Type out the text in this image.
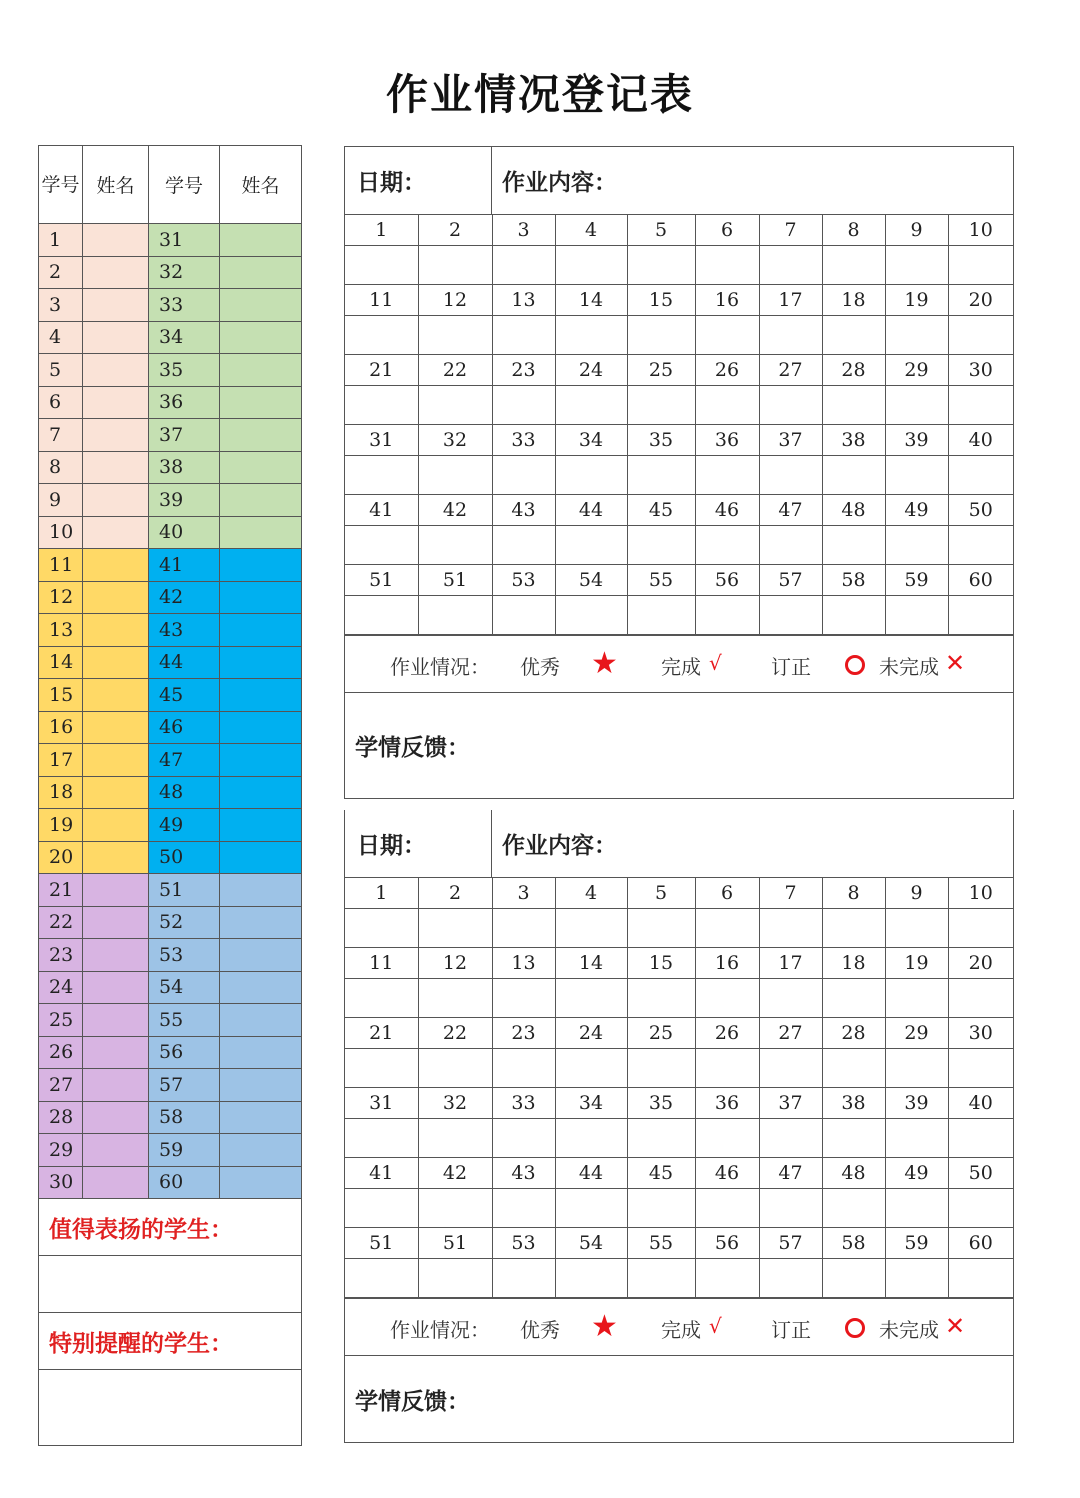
作业情况登记表
学号	姓名	学号	姓名
1		31	
2		32	
3		33	
4		34	
5		35	
6		36	
7		37	
8		38	
9		39	
10		40	
11		41	
12		42	
13		43	
14		44	
15		45	
16		46	
17		47	
18		48	
19		49	
20		50	
21		51	
22		52	
23		53	
24		54	
25		55	
26		56	
27		57	
28		58	
29		59	
30		60	
值得表扬的学生：			

特别提醒的学生：			

日期：	作业内容：
1	2	3	4	5	6	7	8	9	10

11	12	13	14	15	16	17	18	19	20

21	22	23	24	25	26	27	28	29	30

31	32	33	34	35	36	37	38	39	40

41	42	43	44	45	46	47	48	49	50

51	51	53	54	55	56	57	58	59	60

作业情况： 优秀 ★ 完成 √ 订正	未完成 ✕
学情反馈：
日期：	作业内容：
1	2	3	4	5	6	7	8	9	10

11	12	13	14	15	16	17	18	19	20

21	22	23	24	25	26	27	28	29	30

31	32	33	34	35	36	37	38	39	40

41	42	43	44	45	46	47	48	49	50

51	51	53	54	55	56	57	58	59	60

作业情况： 优秀 ★ 完成 √ 订正	未完成 ✕
学情反馈：
